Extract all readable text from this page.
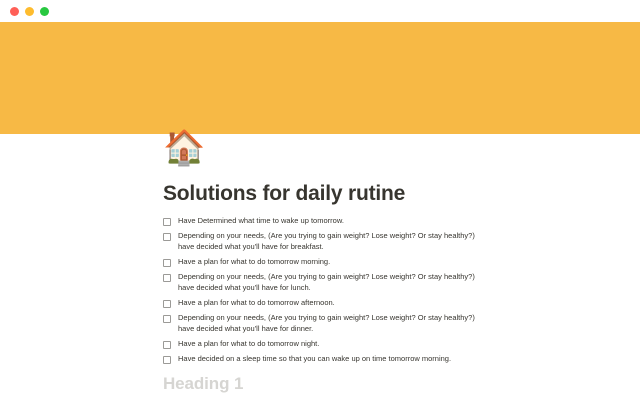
🏠
Solutions for daily rutine
Have Determined what time to wake up tomorrow.
Depending on your needs, (Are you trying to gain weight? Lose weight? Or stay healthy?) have decided what you'll have for breakfast.
Have a plan for what to do tomorrow morning.
Depending on your needs, (Are you trying to gain weight? Lose weight? Or stay healthy?) have decided what you'll have for lunch.
Have a plan for what to do tomorrow afternoon.
Depending on your needs, (Are you trying to gain weight? Lose weight? Or stay healthy?) have decided what you'll have for dinner.
Have a plan for what to do tomorrow night.
Have decided on a sleep time so that you can wake up on time tomorrow morning.
Heading 1
